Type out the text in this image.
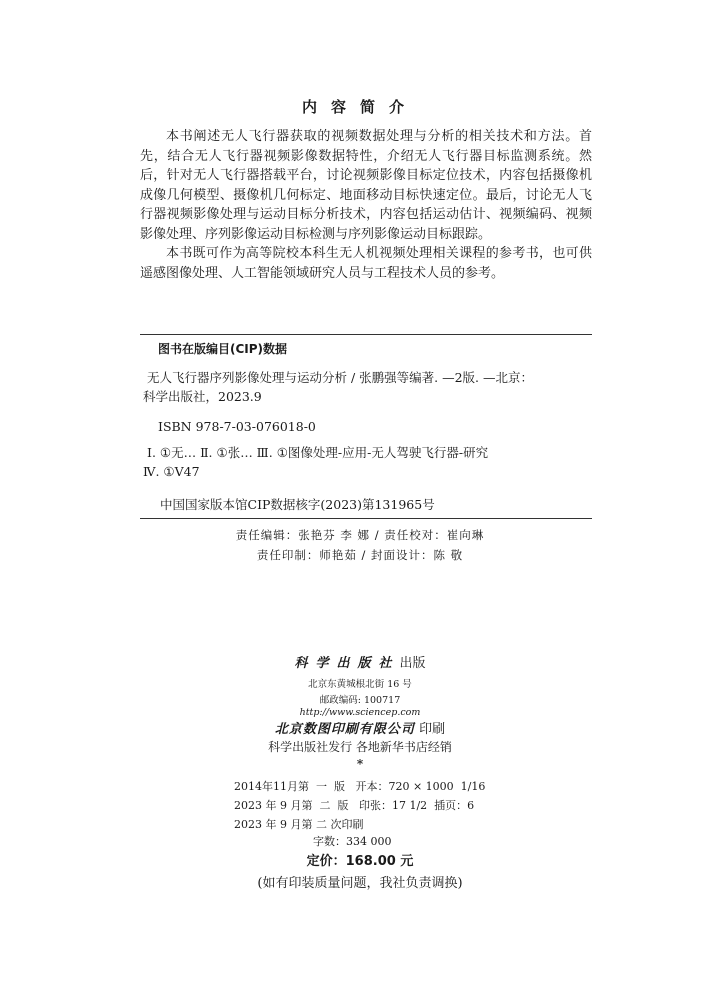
内容简介

本书阐述无人飞行器获取的视频数据处理与分析的相关技术和方法。首先，结合无人飞行器视频影像数据特性，介绍无人飞行器目标监测系统。然后，针对无人飞行器搭载平台，讨论视频影像目标定位技术，内容包括摄像机成像几何模型、摄像机几何标定、地面移动目标快速定位。最后，讨论无人飞行器视频影像处理与运动目标分析技术，内容包括运动估计、视频编码、视频影像处理、序列影像运动目标检测与序列影像运动目标跟踪。

本书既可作为高等院校本科生无人机视频处理相关课程的参考书，也可供遥感图像处理、人工智能领域研究人员与工程技术人员的参考。

图书在版编目(CIP)数据
无人飞行器序列影像处理与运动分析 / 张鹏强等编著. —2版. —北京：
科学出版社，2023.9
ISBN 978-7-03-076018-0
Ⅰ. ①无… Ⅱ. ①张… Ⅲ. ①图像处理-应用-无人驾驶飞行器-研究
Ⅳ. ①V47
中国国家版本馆CIP数据核字(2023)第131965号
责任编辑：张艳芬 李 娜 / 责任校对：崔向琳
责任印制：师艳茹 / 封面设计：陈 敬
科学出版社出版
北京东黄城根北街 16 号
邮政编码: 100717
http://www.sciencep.com
北京数图印刷有限公司 印刷
科学出版社发行 各地新华书店经销
*
2014年11月第  一  版   开本：720 × 1000  1/16
2023 年 9 月第  二  版   印张：17 1/2  插页：6
2023 年 9 月第 二 次印刷
字数：334 000
定价：168.00 元
(如有印装质量问题，我社负责调换)
